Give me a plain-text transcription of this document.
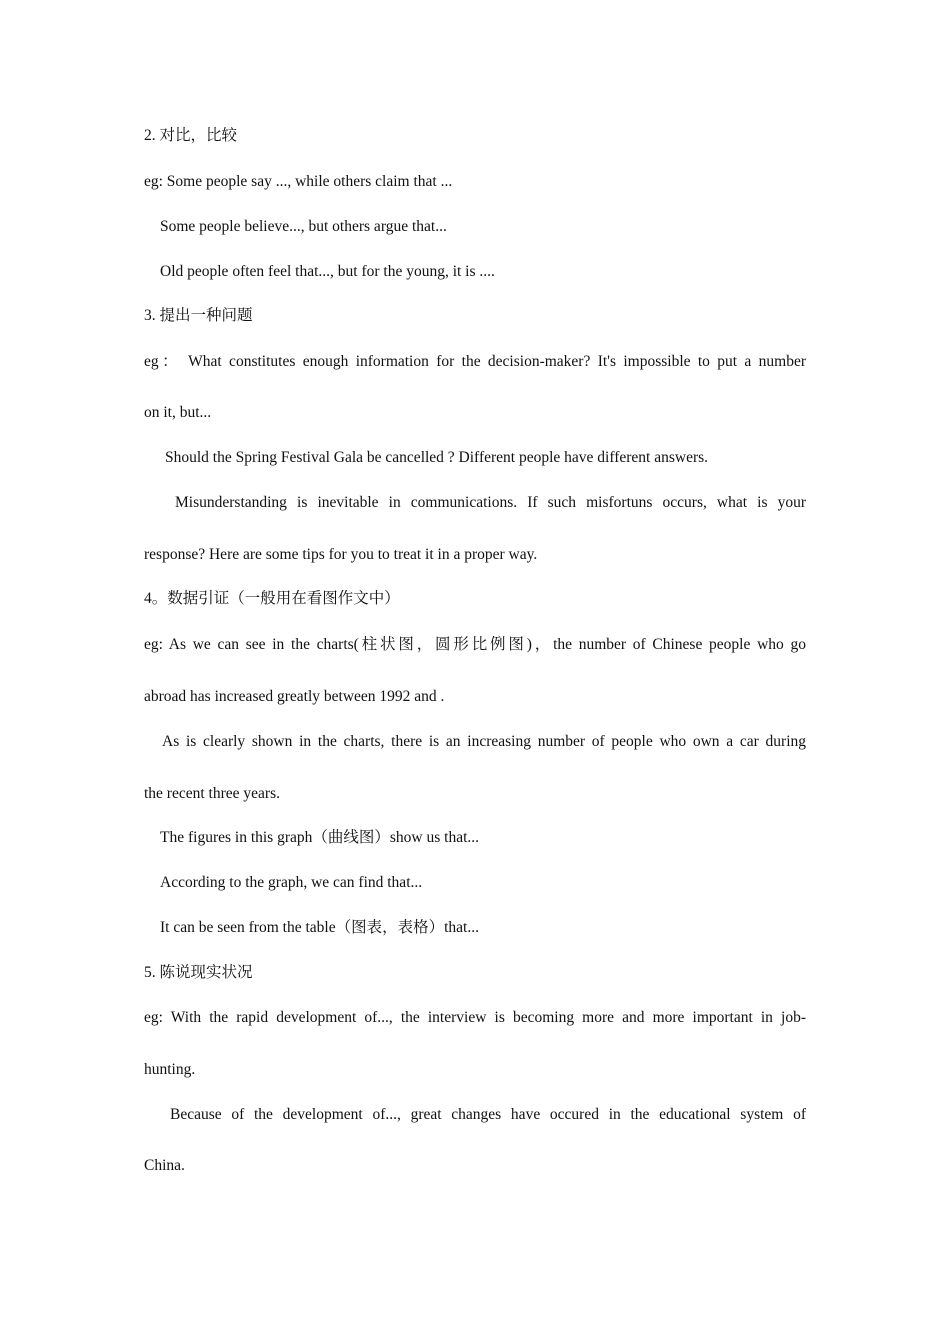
2. 对比，比较
eg: Some people say ..., while others claim that ...
Some people believe..., but others argue that...
Old people often feel that..., but for the young, it is ....
3. 提出一种问题
eg： What constitutes enough information for the decision-maker? It's impossible to put a number
on it, but...
Should the Spring Festival Gala be cancelled ? Different people have different answers.
Misunderstanding is inevitable in communications. If such misfortuns occurs, what is your
response? Here are some tips for you to treat it in a proper way.
4。数据引证（一般用在看图作文中）
eg: As we can see in the charts(柱状图，圆形比例图)，the number of Chinese people who go
abroad has increased greatly between 1992 and .
As is clearly shown in the charts, there is an increasing number of people who own a car during
the recent three years.
The figures in this graph（曲线图）show us that...
According to the graph, we can find that...
It can be seen from the table（图表，表格）that...
5. 陈说现实状况
eg: With the rapid development of..., the interview is becoming more and more important in job-
hunting.
Because of the development of..., great changes have occured in the educational system of
China.
